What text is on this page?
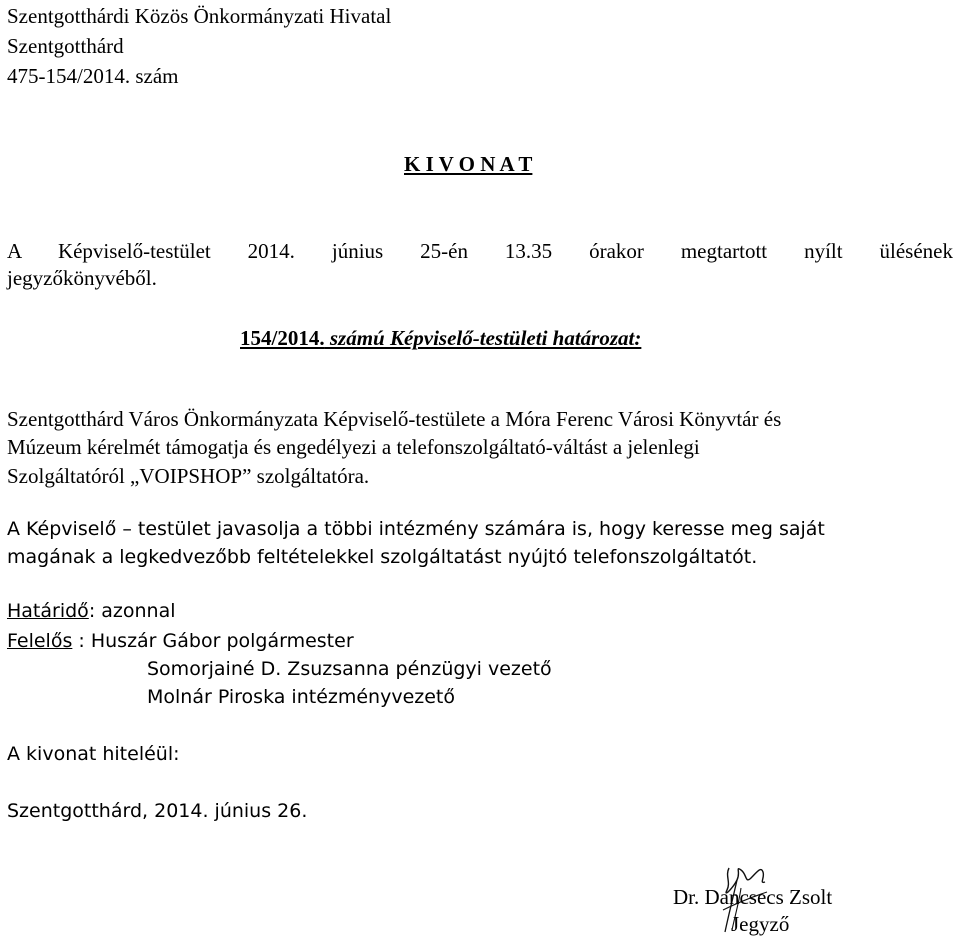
Szentgotthárdi Közös Önkormányzati Hivatal
Szentgotthárd
475-154/2014. szám
K I V O N A T
A Képviselő-testület 2014. június 25-én 13.35 órakor megtartott nyílt ülésének
jegyzőkönyvéből.
154/2014. számú Képviselő-testületi határozat:
Szentgotthárd Város Önkormányzata Képviselő-testülete a Móra Ferenc Városi Könyvtár és
Múzeum kérelmét támogatja és engedélyezi a telefonszolgáltató-váltást a jelenlegi
Szolgáltatóról „VOIPSHOP” szolgáltatóra.
A Képviselő – testület javasolja a többi intézmény számára is, hogy keresse meg saját
magának a legkedvezőbb feltételekkel szolgáltatást nyújtó telefonszolgáltatót.
Határidő: azonnal
Felelős : Huszár Gábor polgármester
Somorjainé D. Zsuzsanna pénzügyi vezető
Molnár Piroska intézményvezető
A kivonat hiteléül:
Szentgotthárd, 2014. június 26.
Dr. Dancsecs Zsolt
Jegyző
